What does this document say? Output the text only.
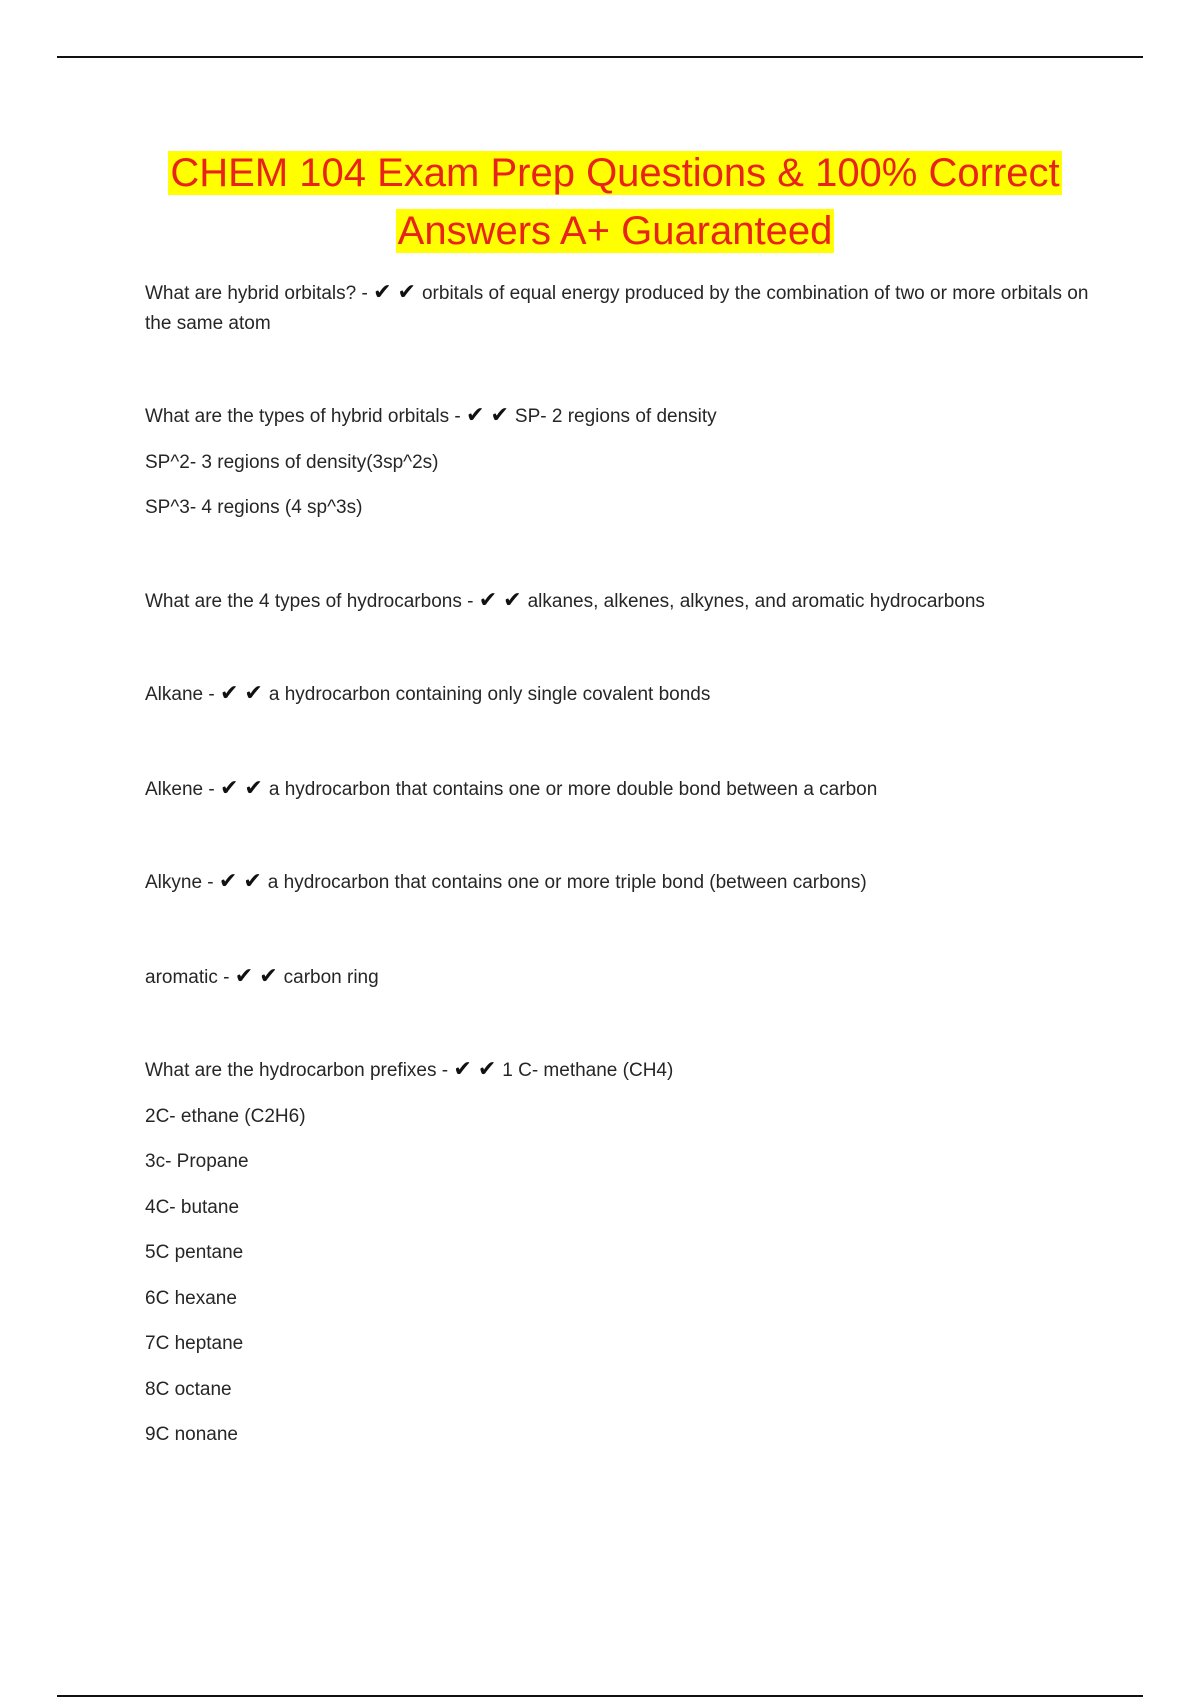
CHEM 104 Exam Prep Questions & 100% Correct
Answers A+ Guaranteed
What are hybrid orbitals? - ✔ ✔ orbitals of equal energy produced by the combination of two or more orbitals on the same atom
What are the types of hybrid orbitals - ✔ ✔ SP- 2 regions of density
SP^2- 3 regions of density(3sp^2s)
SP^3- 4 regions (4 sp^3s)
What are the 4 types of hydrocarbons - ✔ ✔ alkanes, alkenes, alkynes, and aromatic hydrocarbons
Alkane - ✔ ✔ a hydrocarbon containing only single covalent bonds
Alkene - ✔ ✔ a hydrocarbon that contains one or more double bond between a carbon
Alkyne - ✔ ✔ a hydrocarbon that contains one or more triple bond (between carbons)
aromatic - ✔ ✔ carbon ring
What are the hydrocarbon prefixes - ✔ ✔ 1 C- methane (CH4)
2C- ethane (C2H6)
3c- Propane
4C- butane
5C pentane
6C hexane
7C heptane
8C octane
9C nonane
